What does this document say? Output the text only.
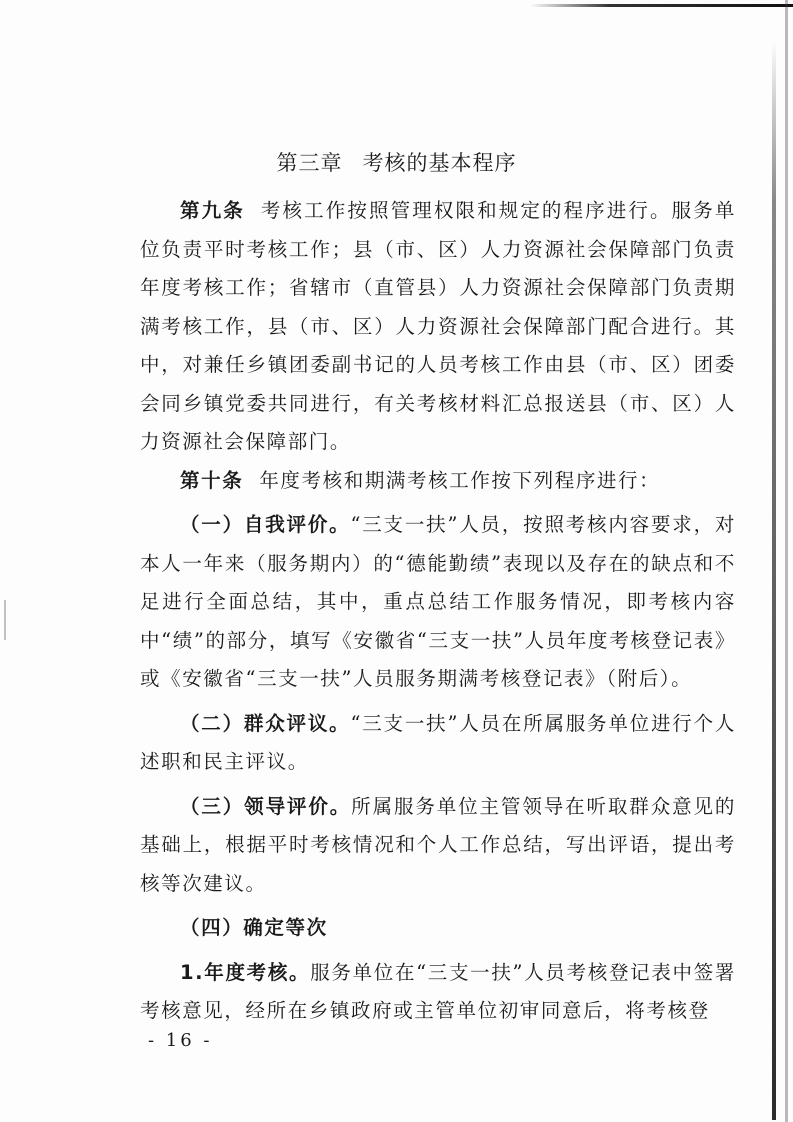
第三章 考核的基本程序

第九条 考核工作按照管理权限和规定的程序进行。服务单位负责平时考核工作；县（市、区）人力资源社会保障部门负责年度考核工作；省辖市（直管县）人力资源社会保障部门负责期满考核工作，县（市、区）人力资源社会保障部门配合进行。其中，对兼任乡镇团委副书记的人员考核工作由县（市、区）团委会同乡镇党委共同进行，有关考核材料汇总报送县（市、区）人力资源社会保障部门。

第十条 年度考核和期满考核工作按下列程序进行：

（一）自我评价。“三支一扶”人员，按照考核内容要求，对本人一年来（服务期内）的“德能勤绩”表现以及存在的缺点和不足进行全面总结，其中，重点总结工作服务情况，即考核内容中“绩”的部分，填写《安徽省“三支一扶”人员年度考核登记表》或《安徽省“三支一扶”人员服务期满考核登记表》（附后）。

（二）群众评议。“三支一扶”人员在所属服务单位进行个人述职和民主评议。

（三）领导评价。所属服务单位主管领导在听取群众意见的基础上，根据平时考核情况和个人工作总结，写出评语，提出考核等次建议。

（四）确定等次

1.年度考核。服务单位在“三支一扶”人员考核登记表中签署考核意见，经所在乡镇政府或主管单位初审同意后，将考核登

- 16 -
